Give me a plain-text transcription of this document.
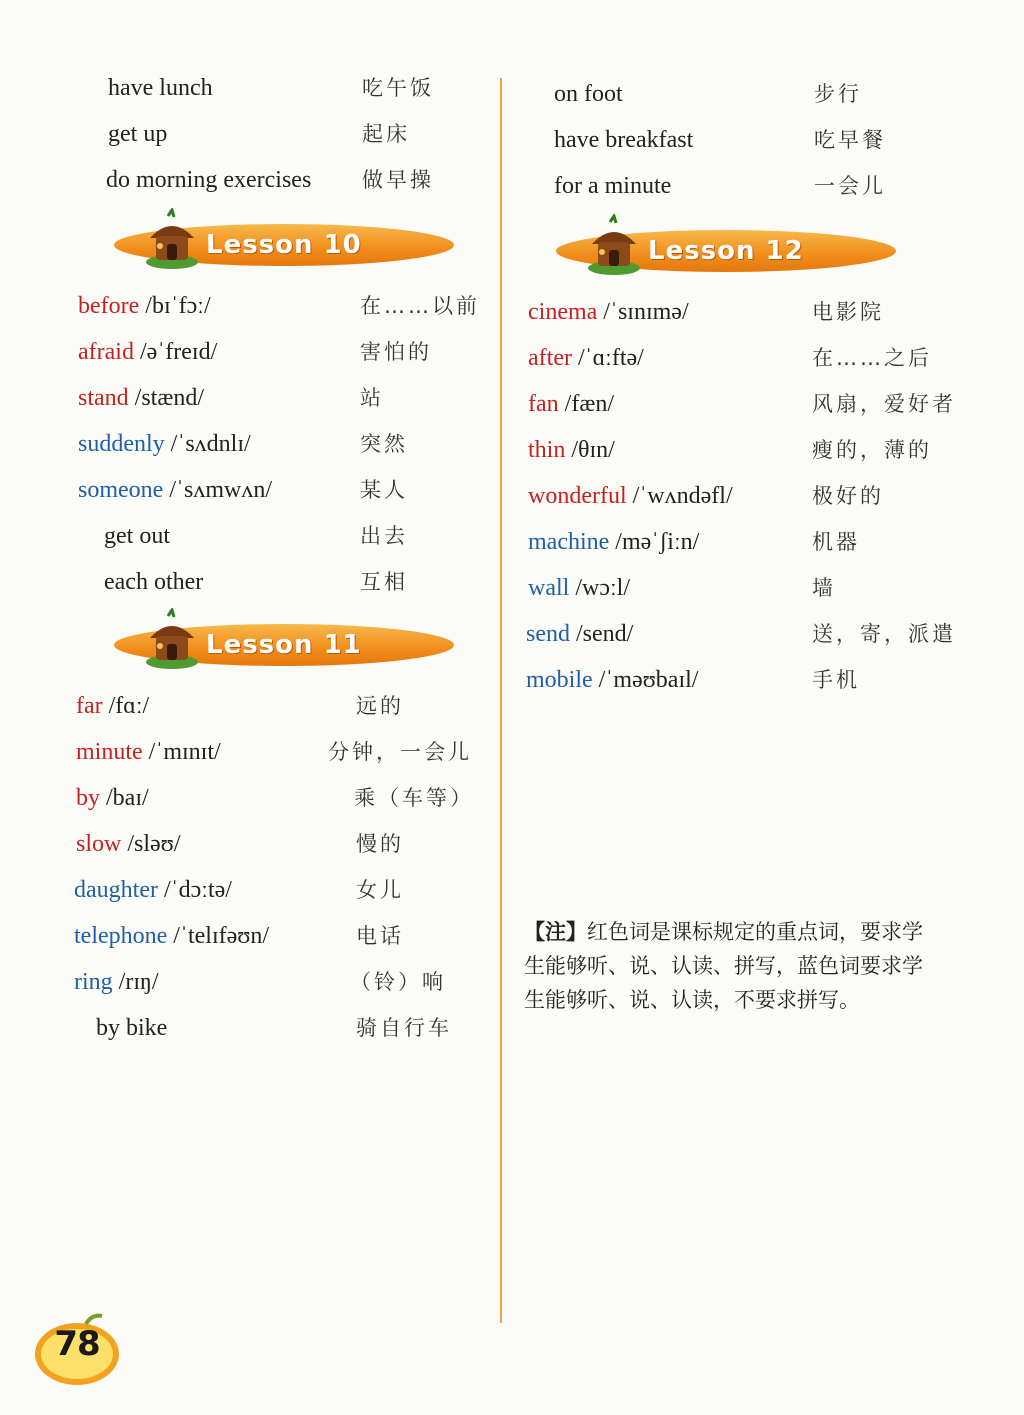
have lunch	吃午饭
get up	起床
do morning exercises 做早操
Lesson 10
before /bɪˈfɔː/	在……以前
afraid /əˈfreɪd/	害怕的
stand /stænd/	站
suddenly /ˈsʌdnlɪ/	突然
someone /ˈsʌmwʌn/	某人
get out	出去
each other	互相
Lesson 11
far /fɑː/	远的
minute /ˈmɪnɪt/	分钟，一会儿
by /baɪ/	乘（车等）
slow /sləʊ/	慢的
daughter /ˈdɔːtə/	女儿
telephone /ˈtelɪfəʊn/	电话
ring /rɪŋ/	（铃）响
by bike	骑自行车
on foot	步行
have breakfast	吃早餐
for a minute	一会儿
Lesson 12
cinema /ˈsɪnɪmə/	电影院
after /ˈɑːftə/	在……之后
fan /fæn/	风扇，爱好者
thin /θɪn/	瘦的，薄的
wonderful /ˈwʌndəfl/	极好的
machine /məˈʃiːn/	机器
wall /wɔːl/	墙
send /send/	送，寄，派遣
mobile /ˈməʊbaɪl/	手机
【注】红色词是课标规定的重点词，要求学生能够听、说、认读、拼写，蓝色词要求学生能够听、说、认读，不要求拼写。
78
